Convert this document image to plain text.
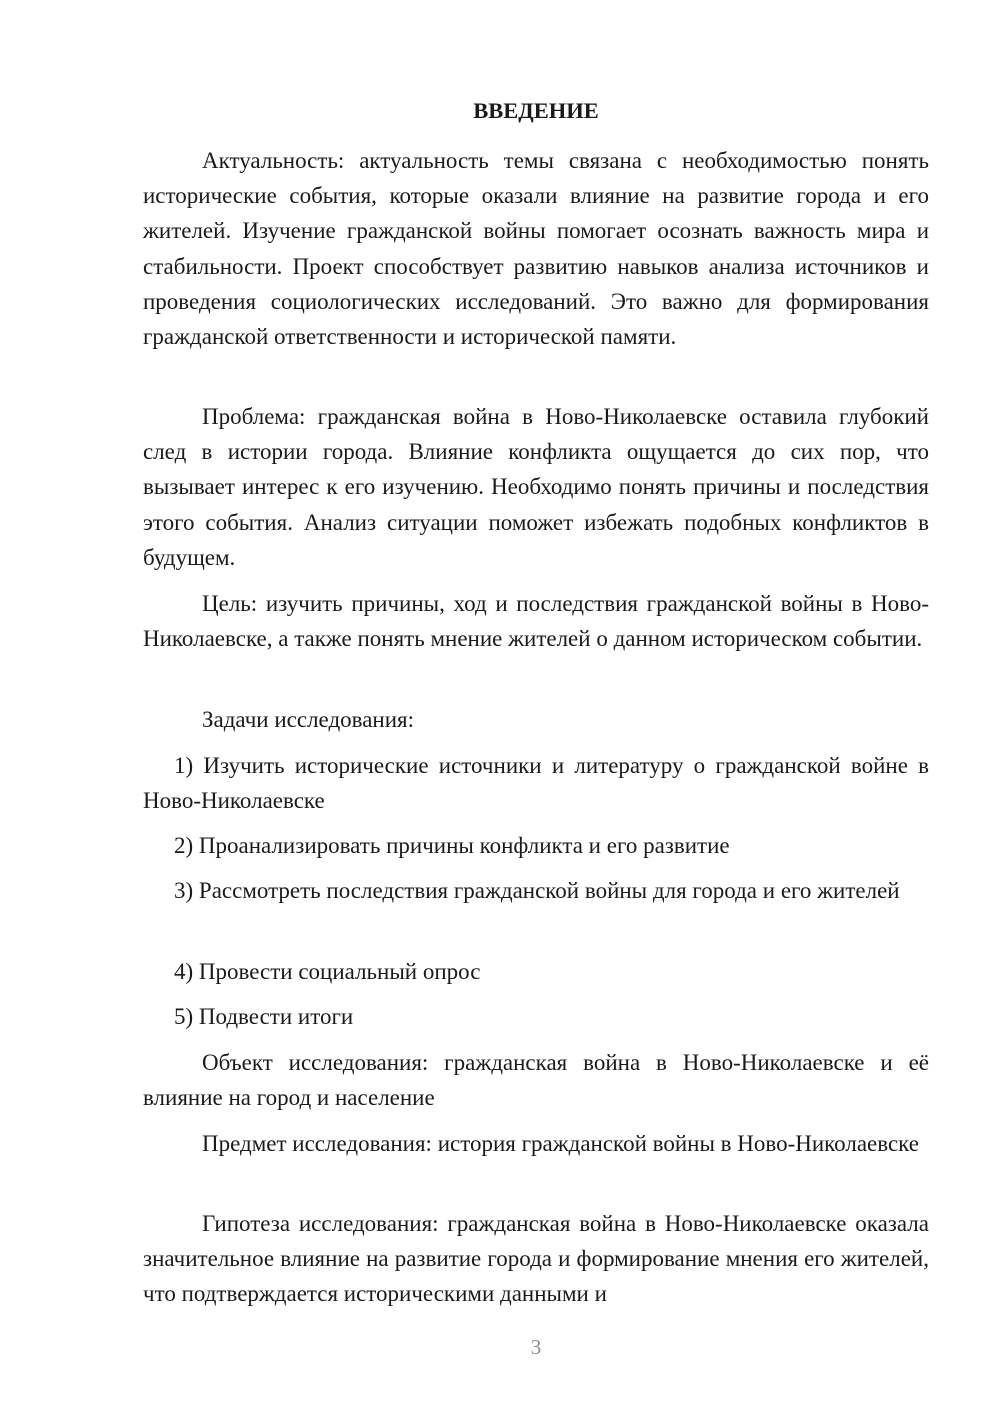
ВВЕДЕНИЕ

Актуальность: актуальность темы связана с необходимостью понять исторические события, которые оказали влияние на развитие города и его жителей. Изучение гражданской войны помогает осознать важность мира и стабильности. Проект способствует развитию навыков анализа источников и проведения социологических исследований. Это важно для формирования гражданской ответственности и исторической памяти.

Проблема: гражданская война в Ново-Николаевске оставила глубокий след в истории города. Влияние конфликта ощущается до сих пор, что вызывает интерес к его изучению. Необходимо понять причины и последствия этого события. Анализ ситуации поможет избежать подобных конфликтов в будущем.

Цель: изучить причины, ход и последствия гражданской войны в Ново-Николаевске, а также понять мнение жителей о данном историческом событии.

Задачи исследования:

1) Изучить исторические источники и литературу о гражданской войне в Ново-Николаевске

2) Проанализировать причины конфликта и его развитие

3) Рассмотреть последствия гражданской войны для города и его жителей

4) Провести социальный опрос

5) Подвести итоги

Объект исследования: гражданская война в Ново-Николаевске и её влияние на город и население

Предмет исследования: история гражданской войны в Ново-Николаевске

Гипотеза исследования: гражданская война в Ново-Николаевске оказала значительное влияние на развитие города и формирование мнения его жителей, что подтверждается историческими данными и

3
